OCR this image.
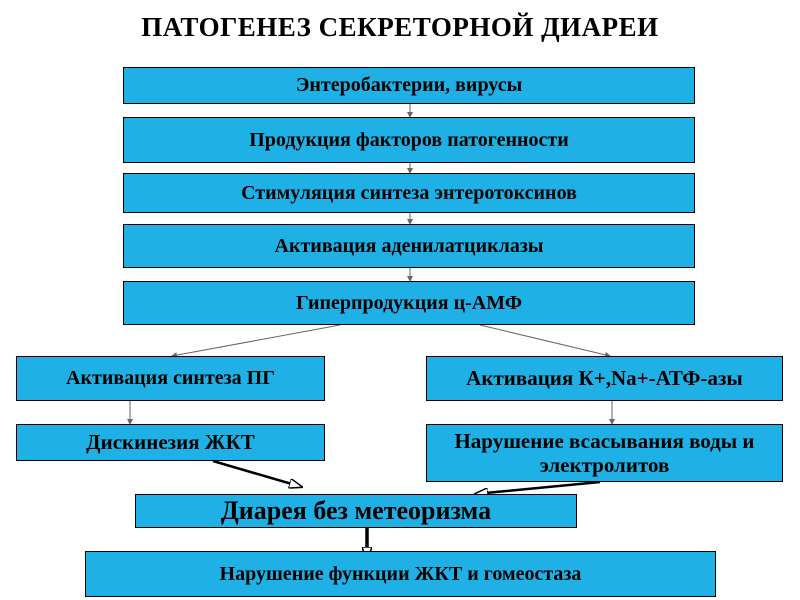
ПАТОГЕНЕЗ СЕКРЕТОРНОЙ ДИАРЕИ
Энтеробактерии, вирусы
Продукция факторов патогенности
Стимуляция синтеза энтеротоксинов
Активация аденилатциклазы
Гиперпродукция ц-АМФ
Активация синтеза ПГ	Активация К+,Na+-АТФ-азы
Дискинезия ЖКТ	Нарушение всасывания воды и электролитов
Диарея без метеоризма
Нарушение функции ЖКТ и гомеостаза
